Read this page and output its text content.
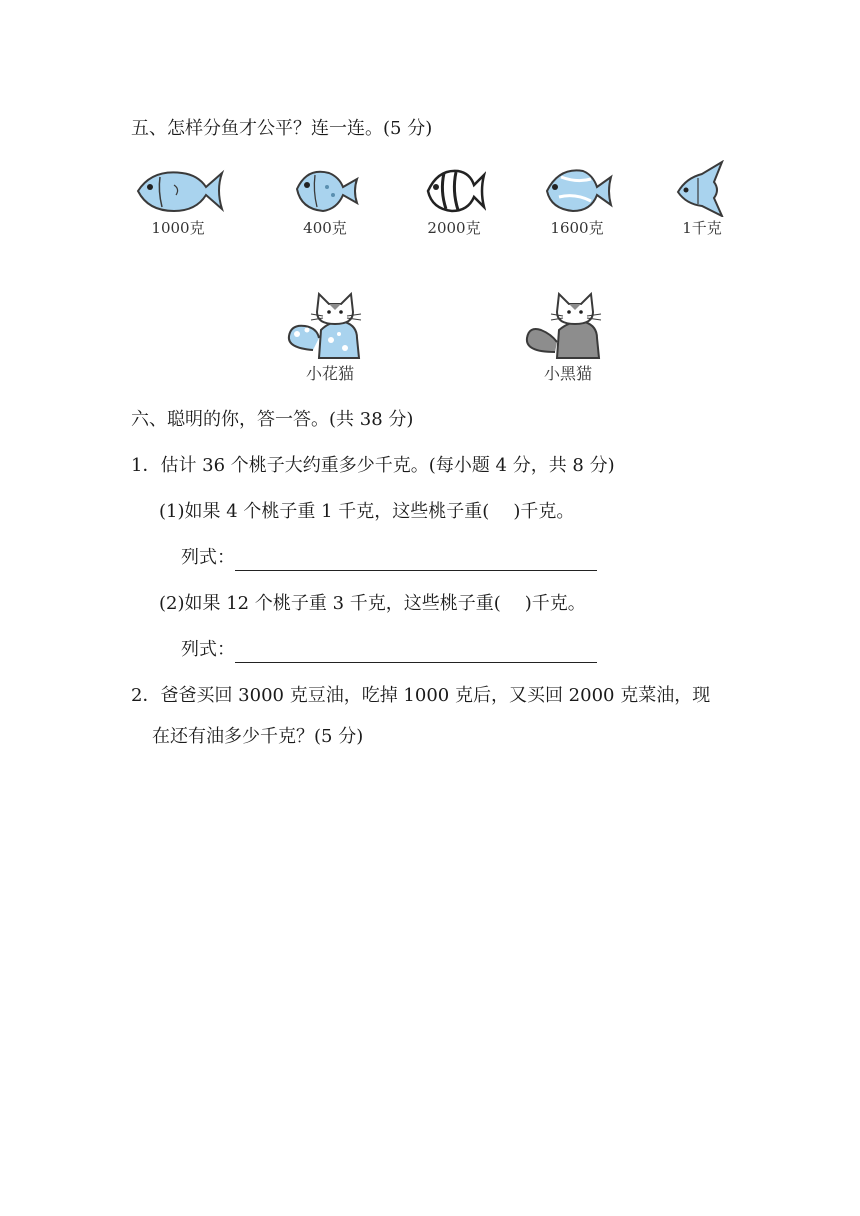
五、怎样分鱼才公平？连一连。(5 分)
1000克	400克	2000克	1600克	1千克
小花猫	小黑猫
六、聪明的你，答一答。(共 38 分)
1．估计 36 个桃子大约重多少千克。(每小题 4 分，共 8 分)
(1)如果 4 个桃子重 1 千克，这些桃子重( )千克。
列式：
(2)如果 12 个桃子重 3 千克，这些桃子重( )千克。
列式：
2．爸爸买回 3000 克豆油，吃掉 1000 克后，又买回 2000 克菜油，现
在还有油多少千克？(5 分)
